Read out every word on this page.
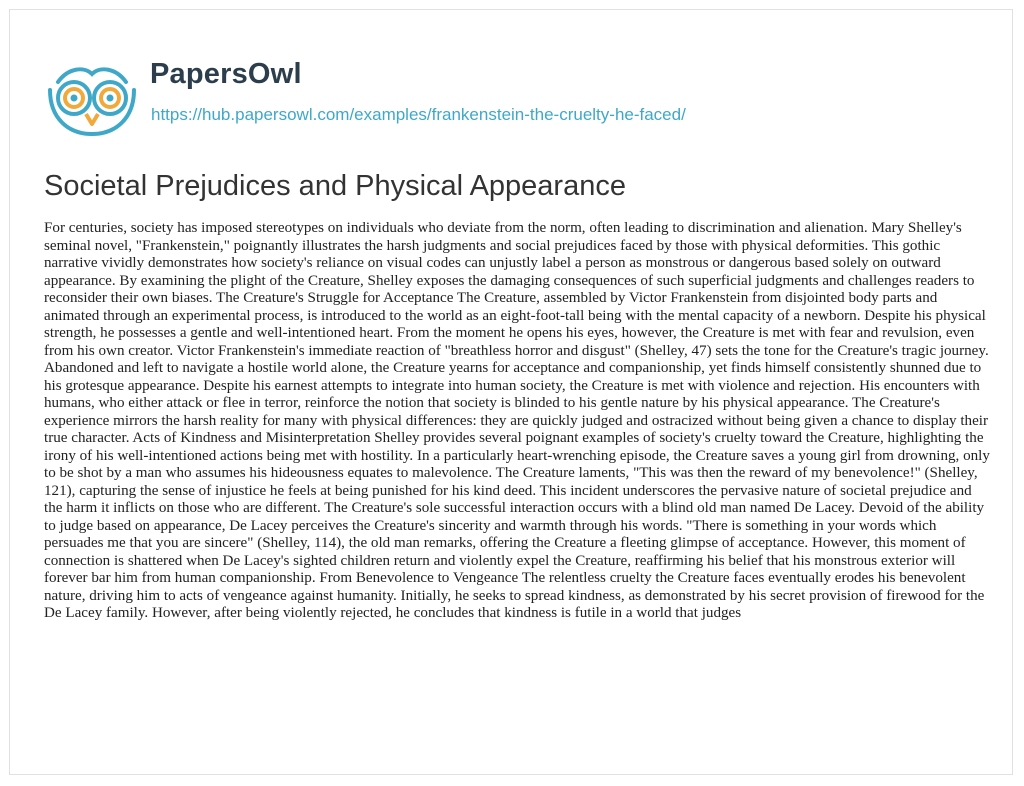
PapersOwl
https://hub.papersowl.com/examples/frankenstein-the-cruelty-he-faced/
Societal Prejudices and Physical Appearance

For centuries, society has imposed stereotypes on individuals who deviate from the norm, often leading to discrimination and alienation. Mary Shelley's seminal novel, "Frankenstein," poignantly illustrates the harsh judgments and social prejudices faced by those with physical deformities. This gothic narrative vividly demonstrates how society's reliance on visual codes can unjustly label a person as monstrous or dangerous based solely on outward appearance. By examining the plight of the Creature, Shelley exposes the damaging consequences of such superficial judgments and challenges readers to reconsider their own biases. The Creature's Struggle for Acceptance The Creature, assembled by Victor Frankenstein from disjointed body parts and animated through an experimental process, is introduced to the world as an eight-foot-tall being with the mental capacity of a newborn. Despite his physical strength, he possesses a gentle and well-intentioned heart. From the moment he opens his eyes, however, the Creature is met with fear and revulsion, even from his own creator. Victor Frankenstein's immediate reaction of "breathless horror and disgust" (Shelley, 47) sets the tone for the Creature's tragic journey. Abandoned and left to navigate a hostile world alone, the Creature yearns for acceptance and companionship, yet finds himself consistently shunned due to his grotesque appearance. Despite his earnest attempts to integrate into human society, the Creature is met with violence and rejection. His encounters with humans, who either attack or flee in terror, reinforce the notion that society is blinded to his gentle nature by his physical appearance. The Creature's experience mirrors the harsh reality for many with physical differences: they are quickly judged and ostracized without being given a chance to display their true character. Acts of Kindness and Misinterpretation Shelley provides several poignant examples of society's cruelty toward the Creature, highlighting the irony of his well-intentioned actions being met with hostility. In a particularly heart-wrenching episode, the Creature saves a young girl from drowning, only to be shot by a man who assumes his hideousness equates to malevolence. The Creature laments, "This was then the reward of my benevolence!" (Shelley, 121), capturing the sense of injustice he feels at being punished for his kind deed. This incident underscores the pervasive nature of societal prejudice and the harm it inflicts on those who are different. The Creature's sole successful interaction occurs with a blind old man named De Lacey. Devoid of the ability to judge based on appearance, De Lacey perceives the Creature's sincerity and warmth through his words. "There is something in your words which persuades me that you are sincere" (Shelley, 114), the old man remarks, offering the Creature a fleeting glimpse of acceptance. However, this moment of connection is shattered when De Lacey's sighted children return and violently expel the Creature, reaffirming his belief that his monstrous exterior will forever bar him from human companionship. From Benevolence to Vengeance The relentless cruelty the Creature faces eventually erodes his benevolent nature, driving him to acts of vengeance against humanity. Initially, he seeks to spread kindness, as demonstrated by his secret provision of firewood for the De Lacey family. However, after being violently rejected, he concludes that kindness is futile in a world that judges
